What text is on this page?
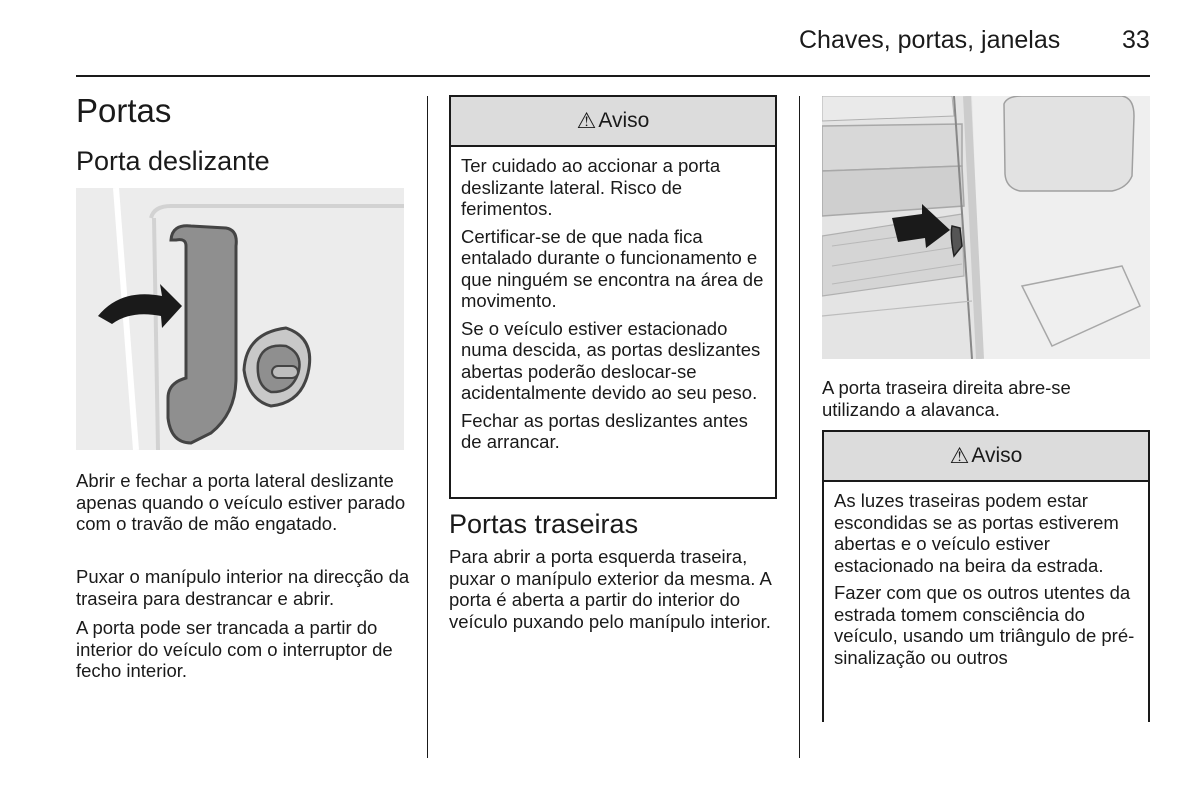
Chaves, portas, janelas 33
Portas
Porta deslizante

Abrir e fechar a porta lateral deslizante apenas quando o veículo estiver parado com o travão de mão engatado.

Puxar o manípulo interior na direcção da traseira para destrancar e abrir.

A porta pode ser trancada a partir do interior do veículo com o interruptor de fecho interior.

⚠ Aviso

Ter cuidado ao accionar a porta deslizante lateral. Risco de ferimentos.

Certificar-se de que nada fica entalado durante o funcionamento e que ninguém se encontra na área de movimento.

Se o veículo estiver estacionado numa descida, as portas deslizantes abertas poderão deslocar-se acidentalmente devido ao seu peso.

Fechar as portas deslizantes antes de arrancar.

Portas traseiras

Para abrir a porta esquerda traseira, puxar o manípulo exterior da mesma. A porta é aberta a partir do interior do veículo puxando pelo manípulo interior.

A porta traseira direita abre-se utilizando a alavanca.

⚠ Aviso

As luzes traseiras podem estar escondidas se as portas estiverem abertas e o veículo estiver estacionado na beira da estrada.

Fazer com que os outros utentes da estrada tomem consciência do veículo, usando um triângulo de pré-sinalização ou outros
